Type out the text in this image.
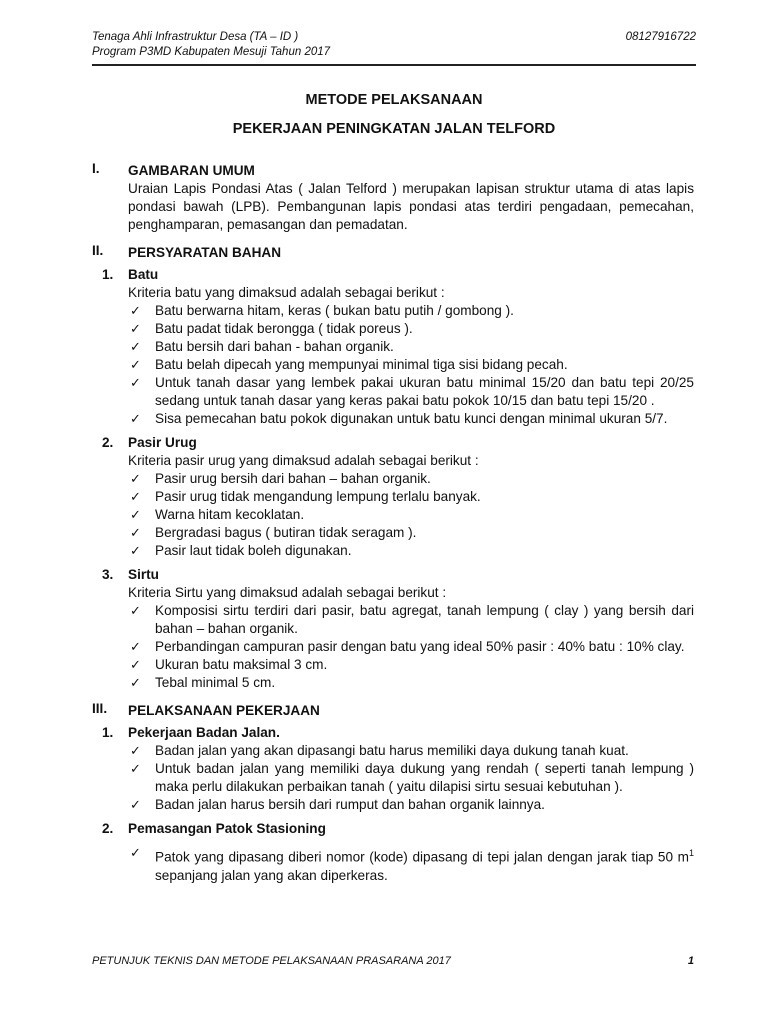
Tenaga Ahli Infrastruktur Desa (TA – ID )
Program P3MD Kabupaten Mesuji Tahun 2017
08127916722
METODE PELAKSANAAN
PEKERJAAN PENINGKATAN JALAN TELFORD
I. GAMBARAN UMUM
Uraian Lapis Pondasi Atas ( Jalan Telford ) merupakan lapisan struktur utama di atas lapis pondasi bawah (LPB). Pembangunan lapis pondasi atas terdiri pengadaan, pemecahan, penghamparan, pemasangan dan pemadatan.
II. PERSYARATAN BAHAN
1. Batu
Kriteria batu yang dimaksud adalah sebagai berikut :
✓ Batu berwarna hitam, keras ( bukan batu putih / gombong ).
✓ Batu padat tidak berongga ( tidak poreus ).
✓ Batu bersih dari bahan - bahan organik.
✓ Batu belah dipecah yang mempunyai minimal tiga sisi bidang pecah.
✓ Untuk tanah dasar yang lembek pakai ukuran batu minimal 15/20 dan batu tepi 20/25 sedang untuk tanah dasar yang keras pakai batu pokok 10/15 dan batu tepi 15/20 .
✓ Sisa pemecahan batu pokok digunakan untuk batu kunci dengan minimal ukuran 5/7.
2. Pasir Urug
Kriteria pasir urug yang dimaksud adalah sebagai berikut :
✓ Pasir urug bersih dari bahan – bahan organik.
✓ Pasir urug tidak mengandung lempung terlalu banyak.
✓ Warna hitam kecoklatan.
✓ Bergradasi bagus ( butiran tidak seragam ).
✓ Pasir laut tidak boleh digunakan.
3. Sirtu
Kriteria Sirtu yang dimaksud adalah sebagai berikut :
✓ Komposisi sirtu terdiri dari pasir, batu agregat, tanah lempung ( clay ) yang bersih dari bahan – bahan organik.
✓ Perbandingan campuran pasir dengan batu yang ideal 50% pasir : 40% batu : 10% clay.
✓ Ukuran batu maksimal 3 cm.
✓ Tebal minimal 5 cm.
III. PELAKSANAAN PEKERJAAN
1. Pekerjaan Badan Jalan.
✓ Badan jalan yang akan dipasangi batu harus memiliki daya dukung tanah kuat.
✓ Untuk badan jalan yang memiliki daya dukung yang rendah ( seperti tanah lempung ) maka perlu dilakukan perbaikan tanah ( yaitu dilapisi sirtu sesuai kebutuhan ).
✓ Badan jalan harus bersih dari rumput dan bahan organik lainnya.
2. Pemasangan Patok Stasioning
✓ Patok yang dipasang diberi nomor (kode) dipasang di tepi jalan dengan jarak tiap 50 $m^1$ sepanjang jalan yang akan diperkeras.
PETUNJUK TEKNIS DAN METODE PELAKSANAAN PRASARANA 2017	1
